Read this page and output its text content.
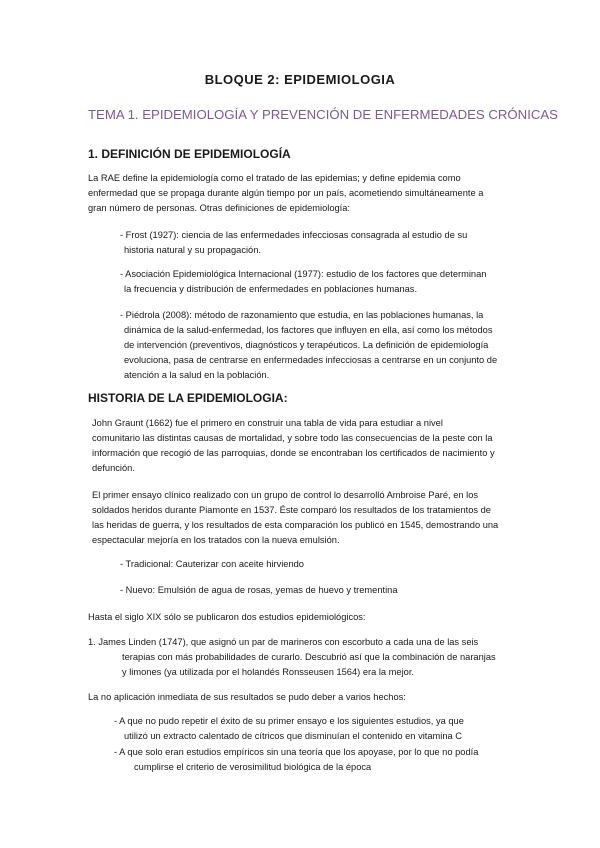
BLOQUE 2: EPIDEMIOLOGIA
TEMA 1. EPIDEMIOLOGÍA Y PREVENCIÓN DE ENFERMEDADES CRÓNICAS
1. DEFINICIÓN DE EPIDEMIOLOGÍA
La RAE define la epidemiología como el tratado de las epidemias; y define epidemia como
enfermedad que se propaga durante algún tiempo por un país, acometiendo simultáneamente a
gran número de personas. Otras definiciones de epidemiología:
- Frost (1927): ciencia de las enfermedades infecciosas consagrada al estudio de su
historia natural y su propagación.
- Asociación Epidemiológica Internacional (1977): estudio de los factores que determinan
la frecuencia y distribución de enfermedades en poblaciones humanas.
- Piédrola (2008): método de razonamiento que estudia, en las poblaciones humanas, la
dinámica de la salud-enfermedad, los factores que influyen en ella, así como los métodos
de intervención (preventivos, diagnósticos y terapéuticos. La definición de epidemiología
evoluciona, pasa de centrarse en enfermedades infecciosas a centrarse en un conjunto de
atención a la salud en la población.
HISTORIA DE LA EPIDEMIOLOGIA:
John Graunt (1662) fue el primero en construir una tabla de vida para estudiar a nivel
comunitario las distintas causas de mortalidad, y sobre todo las consecuencias de la peste con la
información que recogió de las parroquias, donde se encontraban los certificados de nacimiento y
defunción.
El primer ensayo clínico realizado con un grupo de control lo desarrolló Ambroise Paré, en los
soldados heridos durante Piamonte en 1537. Éste comparó los resultados de los tratamientos de
las heridas de guerra, y los resultados de esta comparación los publicó en 1545, demostrando una
espectacular mejoría en los tratados con la nueva emulsión.
- Tradicional: Cauterizar con aceite hirviendo
- Nuevo: Emulsión de agua de rosas, yemas de huevo y trementina
Hasta el siglo XIX sólo se publicaron dos estudios epidemiológicos:
1. James Linden (1747), que asignó un par de marineros con escorbuto a cada una de las seis
terapias con más probabilidades de curarlo. Descubrió así que la combinación de naranjas
y limones (ya utilizada por el holandés Ronsseusen 1564) era la mejor.
La no aplicación inmediata de sus resultados se pudo deber a varios hechos:
- A que no pudo repetir el éxito de su primer ensayo e los siguientes estudios, ya que
utilizó un extracto calentado de cítricos que disminuían el contenido en vitamina C
- A que solo eran estudios empíricos sin una teoría que los apoyase, por lo que no podía
cumplirse el criterio de verosimilitud biológica de la época
